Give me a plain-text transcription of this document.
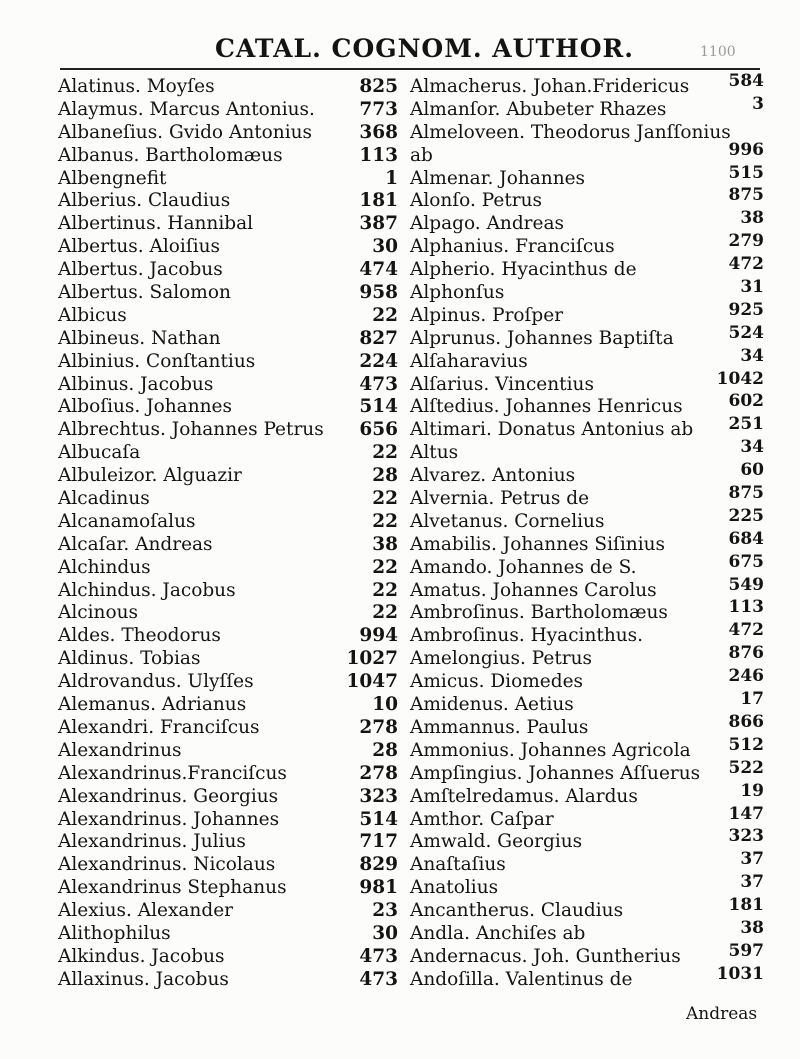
CATAL. COGNOM. AUTHOR.	1100
Alatinus. Moyſes	825
Alaymus. Marcus Antonius. 773
Albaneſius. Gvido Antonius	368
Albanus. Bartholomæus	113
Albengnefit	1
Alberius. Claudius	181
Albertinus. Hannibal	387
Albertus. Aloiſius	30
Albertus. Jacobus	474
Albertus. Salomon	958
Albicus	22
Albineus. Nathan	827
Albinius. Conſtantius	224
Albinus. Jacobus	473
Alboſius. Johannes	514
Albrechtus. Johannes Petrus 656
Albucaſa	22
Albuleizor. Alguazir	28
Alcadinus	22
Alcanamoſalus	22
Alcaſar. Andreas	38
Alchindus	22
Alchindus. Jacobus	22
Alcinous	22
Aldes. Theodorus	994
Aldinus. Tobias	1027
Aldrovandus. Ulyſſes	1047
Alemanus. Adrianus	10
Alexandri. Franciſcus	278
Alexandrinus	28
Alexandrinus.Franciſcus	278
Alexandrinus. Georgius	323
Alexandrinus. Johannes	514
Alexandrinus. Julius	717
Alexandrinus. Nicolaus	829
Alexandrinus Stephanus	981
Alexius. Alexander	23
Alithophilus	30
Alkindus. Jacobus	473
Allaxinus. Jacobus	473
Almacherus. Johan.Fridericus 584
Almanſor. Abubeter Rhazes	3
Almeloveen. Theodorus Janſſonius
ab	996
Almenar. Johannes	515
Alonſo. Petrus	875
Alpago. Andreas	38
Alphanius. Franciſcus	279
Alpherio. Hyacinthus de	472
Alphonſus	31
Alpinus. Proſper	925
Alprunus. Johannes Baptiſta	524
Alſaharavius	34
Alſarius. Vincentius	1042
Alſtedius. Johannes Henricus	602
Altimari. Donatus Antonius ab 251
Altus	34
Alvarez. Antonius	60
Alvernia. Petrus de	875
Alvetanus. Cornelius	225
Amabilis. Johannes Siſinius	684
Amando. Johannes de S.	675
Amatus. Johannes Carolus	549
Ambroſinus. Bartholomæus	113
Ambroſinus. Hyacinthus.	472
Amelongius. Petrus	876
Amicus. Diomedes	246
Amidenus. Aetius	17
Ammannus. Paulus	866
Ammonius. Johannes Agricola 512
Ampſingius. Johannes Aſſuerus 522
Amſtelredamus. Alardus	19
Amthor. Caſpar	147
Amwald. Georgius	323
Anaſtaſius	37
Anatolius	37
Ancantherus. Claudius	181
Andla. Anchiſes ab	38
Andernacus. Joh. Guntherius	597
Andoſilla. Valentinus de	1031
Andreas
